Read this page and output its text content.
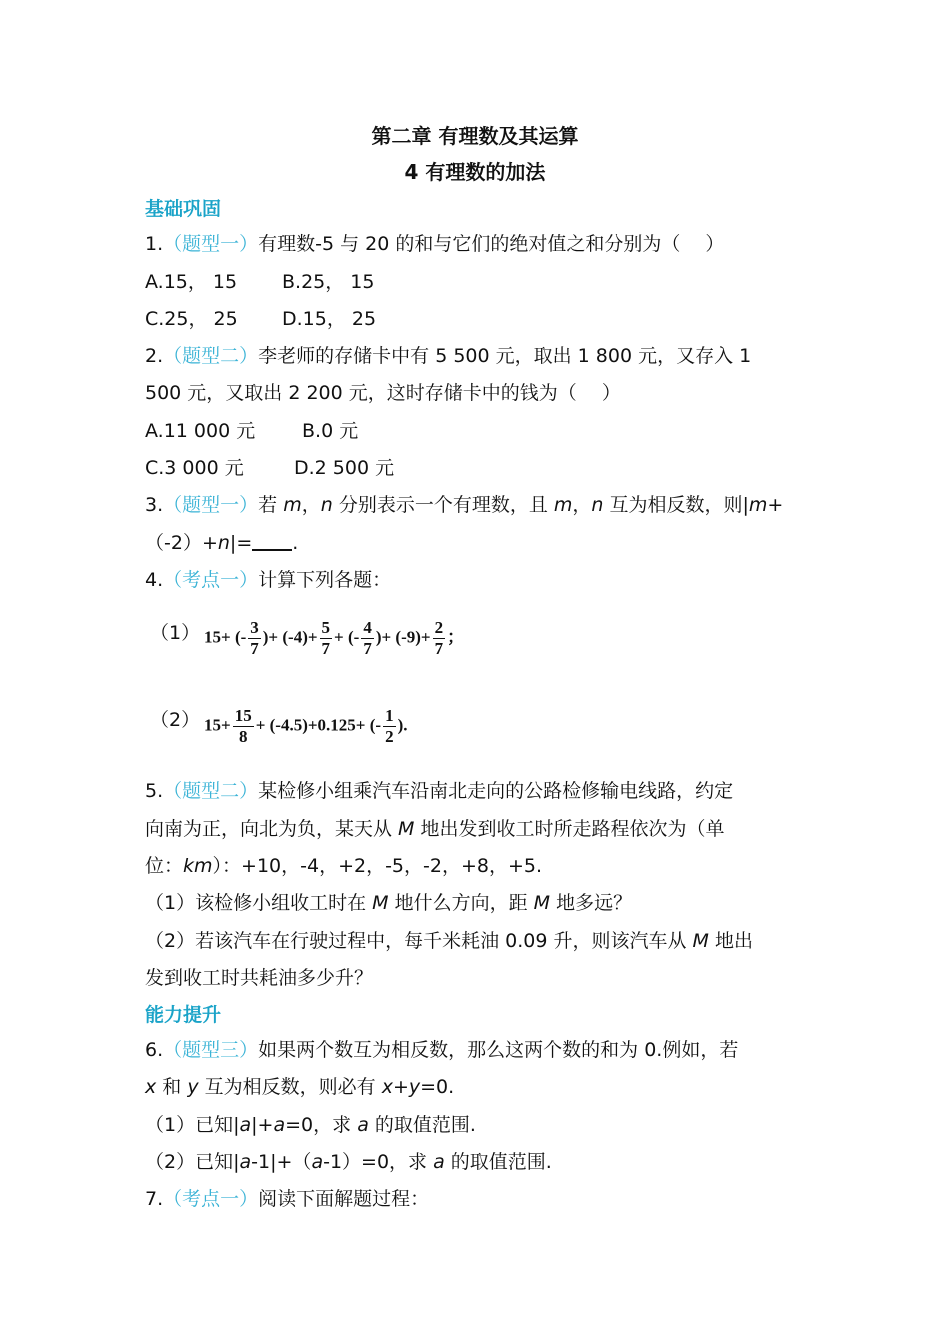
第二章 有理数及其运算
4 有理数的加法
基础巩固
1.（题型一）有理数-5 与 20 的和与它们的绝对值之和分别为（　 ）
A.15， 15 B.25， 15
C.25， 25 D.15， 25
2.（题型二）李老师的存储卡中有 5 500 元，取出 1 800 元，又存入 1
500 元，又取出 2 200 元，这时存储卡中的钱为（　 ）
A.11 000 元 B.0 元
C.3 000 元	D.2 500 元
3.（题型一）若 m，n 分别表示一个有理数，且 m，n 互为相反数，则|m+
（-2）+n|= .
4.（考点一）计算下列各题：
（1） 15+ (- $\frac{3}{7}$ )+ $(-4)+ \frac{5}{7}$ + (- $\frac{4}{7}$ )+ $(-9)+ \frac{2}{7}$ ；
（2） $15+ \frac{15}{8} + (-4.5)+0.125+$ (- $\frac{1}{2}$ ).
5.（题型二）某检修小组乘汽车沿南北走向的公路检修输电线路，约定
向南为正，向北为负，某天从 M 地出发到收工时所走路程依次为（单
位：km）：+10，-4，+2，-5，-2，+8，+5.
（1）该检修小组收工时在 M 地什么方向，距 M 地多远？
（2）若该汽车在行驶过程中，每千米耗油 0.09 升，则该汽车从 M 地出
发到收工时共耗油多少升？
能力提升
6.（题型三）如果两个数互为相反数，那么这两个数的和为 0.例如，若
x 和 y 互为相反数，则必有 x+y=0.
（1）已知|a|+a=0，求 a 的取值范围.
（2）已知|a-1|+（a-1）=0，求 a 的取值范围.
7.（考点一）阅读下面解题过程：
